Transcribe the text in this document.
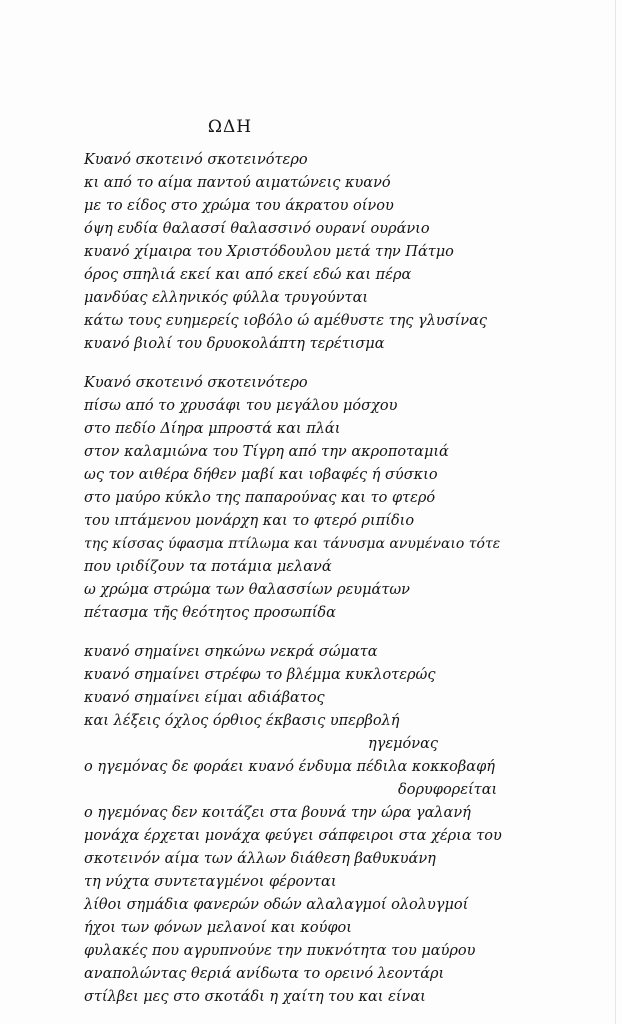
ΩΔΗ
Κυανό σκοτεινό σκοτεινότερο
κι από το αίμα παντού αιματώνεις κυανό
με το είδος στο χρώμα του άκρατου οίνου
όψη ευδία θαλασσί θαλασσινό ουρανί ουράνιο
κυανό χίμαιρα του Χριστόδουλου μετά την Πάτμο
όρος σπηλιά εκεί και από εκεί εδώ και πέρα
μανδύας ελληνικός φύλλα τρυγούνται
κάτω τους ευημερείς ιοβόλο ώ αμέθυστε της γλυσίνας
κυανό βιολί του δρυοκολάπτη τερέτισμα
Κυανό σκοτεινό σκοτεινότερο
πίσω από το χρυσάφι του μεγάλου μόσχου
στο πεδίο Δίηρα μπροστά και πλάι
στον καλαμιώνα του Τίγρη από την ακροποταμιά
ως τον αιθέρα δήθεν μαβί και ιοβαφές ή σύσκιο
στο μαύρο κύκλο της παπαρούνας και το φτερό
του ιπτάμενου μονάρχη και το φτερό ριπίδιο
της κίσσας ύφασμα πτίλωμα και τάνυσμα ανυμέναιο τότε
που ιριδίζουν τα ποτάμια μελανά
ω χρώμα στρώμα των θαλασσίων ρευμάτων
πέτασμα τῆς θεότητος προσωπίδα
κυανό σημαίνει σηκώνω νεκρά σώματα
κυανό σημαίνει στρέφω το βλέμμα κυκλοτερώς
κυανό σημαίνει είμαι αδιάβατος
και λέξεις όχλος όρθιος έκβασις υπερβολή
ηγεμόνας
ο ηγεμόνας δε φοράει κυανό ένδυμα πέδιλα κοκκοβαφή
δορυφορείται
ο ηγεμόνας δεν κοιτάζει στα βουνά την ώρα γαλανή
μονάχα έρχεται μονάχα φεύγει σάπφειροι στα χέρια του
σκοτεινόν αίμα των άλλων διάθεση βαθυκυάνη
τη νύχτα συντεταγμένοι φέρονται
λίθοι σημάδια φανερών οδών αλαλαγμοί ολολυγμοί
ήχοι των φόνων μελανοί και κούφοι
φυλακές που αγρυπνούνε την πυκνότητα του μαύρου
αναπολώντας θεριά ανίδωτα το ορεινό λεοντάρι
στίλβει μες στο σκοτάδι η χαίτη του και είναι
